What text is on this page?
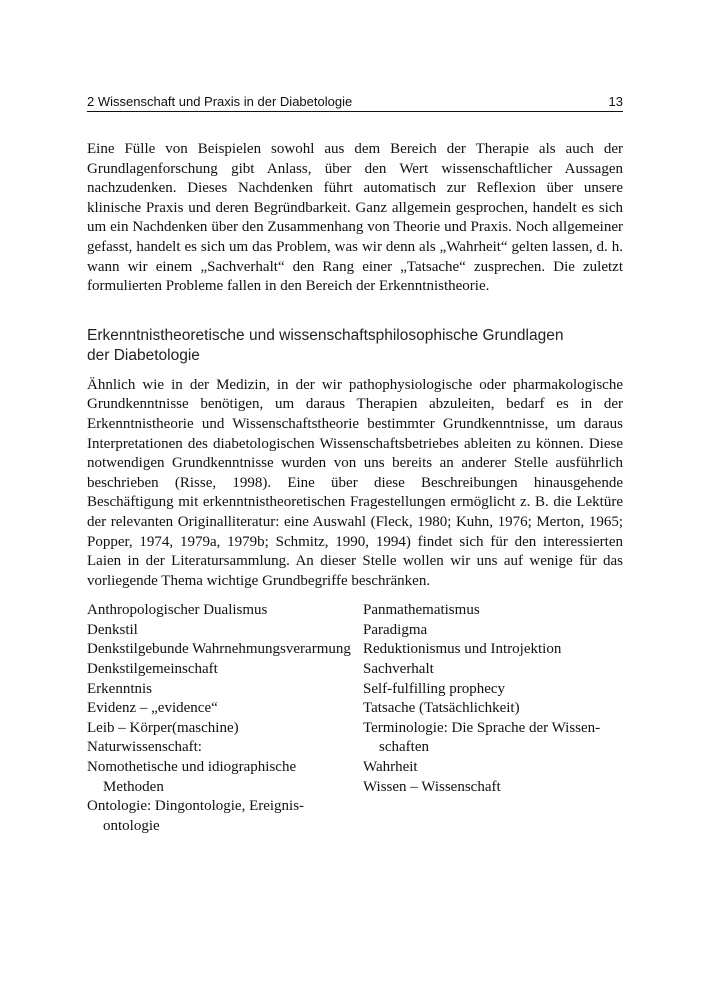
2 Wissenschaft und Praxis in der Diabetologie	13

Eine Fülle von Beispielen sowohl aus dem Bereich der Therapie als auch der Grundlagenforschung gibt Anlass, über den Wert wissenschaftlicher Aussagen nachzudenken. Dieses Nachdenken führt automatisch zur Reflexion über unsere klinische Praxis und deren Begründbarkeit. Ganz allgemein gesprochen, handelt es sich um ein Nachdenken über den Zusammenhang von Theorie und Praxis. Noch allgemeiner gefasst, handelt es sich um das Problem, was wir denn als „Wahrheit“ gelten lassen, d. h. wann wir einem „Sachverhalt“ den Rang einer „Tatsache“ zusprechen. Die zuletzt formulierten Probleme fallen in den Bereich der Erkenntnistheorie.

Erkenntnistheoretische und wissenschaftsphilosophische Grundlagen
der Diabetologie

Ähnlich wie in der Medizin, in der wir pathophysiologische oder pharmakologische Grundkenntnisse benötigen, um daraus Therapien abzuleiten, bedarf es in der Erkenntnistheorie und Wissenschaftstheorie bestimmter Grundkenntnisse, um daraus Interpretationen des diabetologischen Wissenschaftsbetriebes ableiten zu können. Diese notwendigen Grundkenntnisse wurden von uns bereits an anderer Stelle ausführlich beschrieben (Risse, 1998). Eine über diese Beschreibungen hinausgehende Beschäftigung mit erkenntnistheoretischen Fragestellungen ermöglicht z. B. die Lektüre der relevanten Originalliteratur: eine Auswahl (Fleck, 1980; Kuhn, 1976; Merton, 1965; Popper, 1974, 1979a, 1979b; Schmitz, 1990, 1994) findet sich für den interessierten Laien in der Literatursammlung. An dieser Stelle wollen wir uns auf wenige für das vorliegende Thema wichtige Grundbegriffe beschränken.

Anthropologischer Dualismus
Denkstil
Denkstilgebunde Wahrnehmungsverarmung
Denkstilgemeinschaft
Erkenntnis
Evidenz – „evidence“
Leib – Körper(maschine)
Naturwissenschaft:
Nomothetische und idiographische
Methoden
Ontologie: Dingontologie, Ereignis-
ontologie
Panmathematismus
Paradigma
Reduktionismus und Introjektion
Sachverhalt
Self-fulfilling prophecy
Tatsache (Tatsächlichkeit)
Terminologie: Die Sprache der Wissen-
schaften
Wahrheit
Wissen – Wissenschaft
